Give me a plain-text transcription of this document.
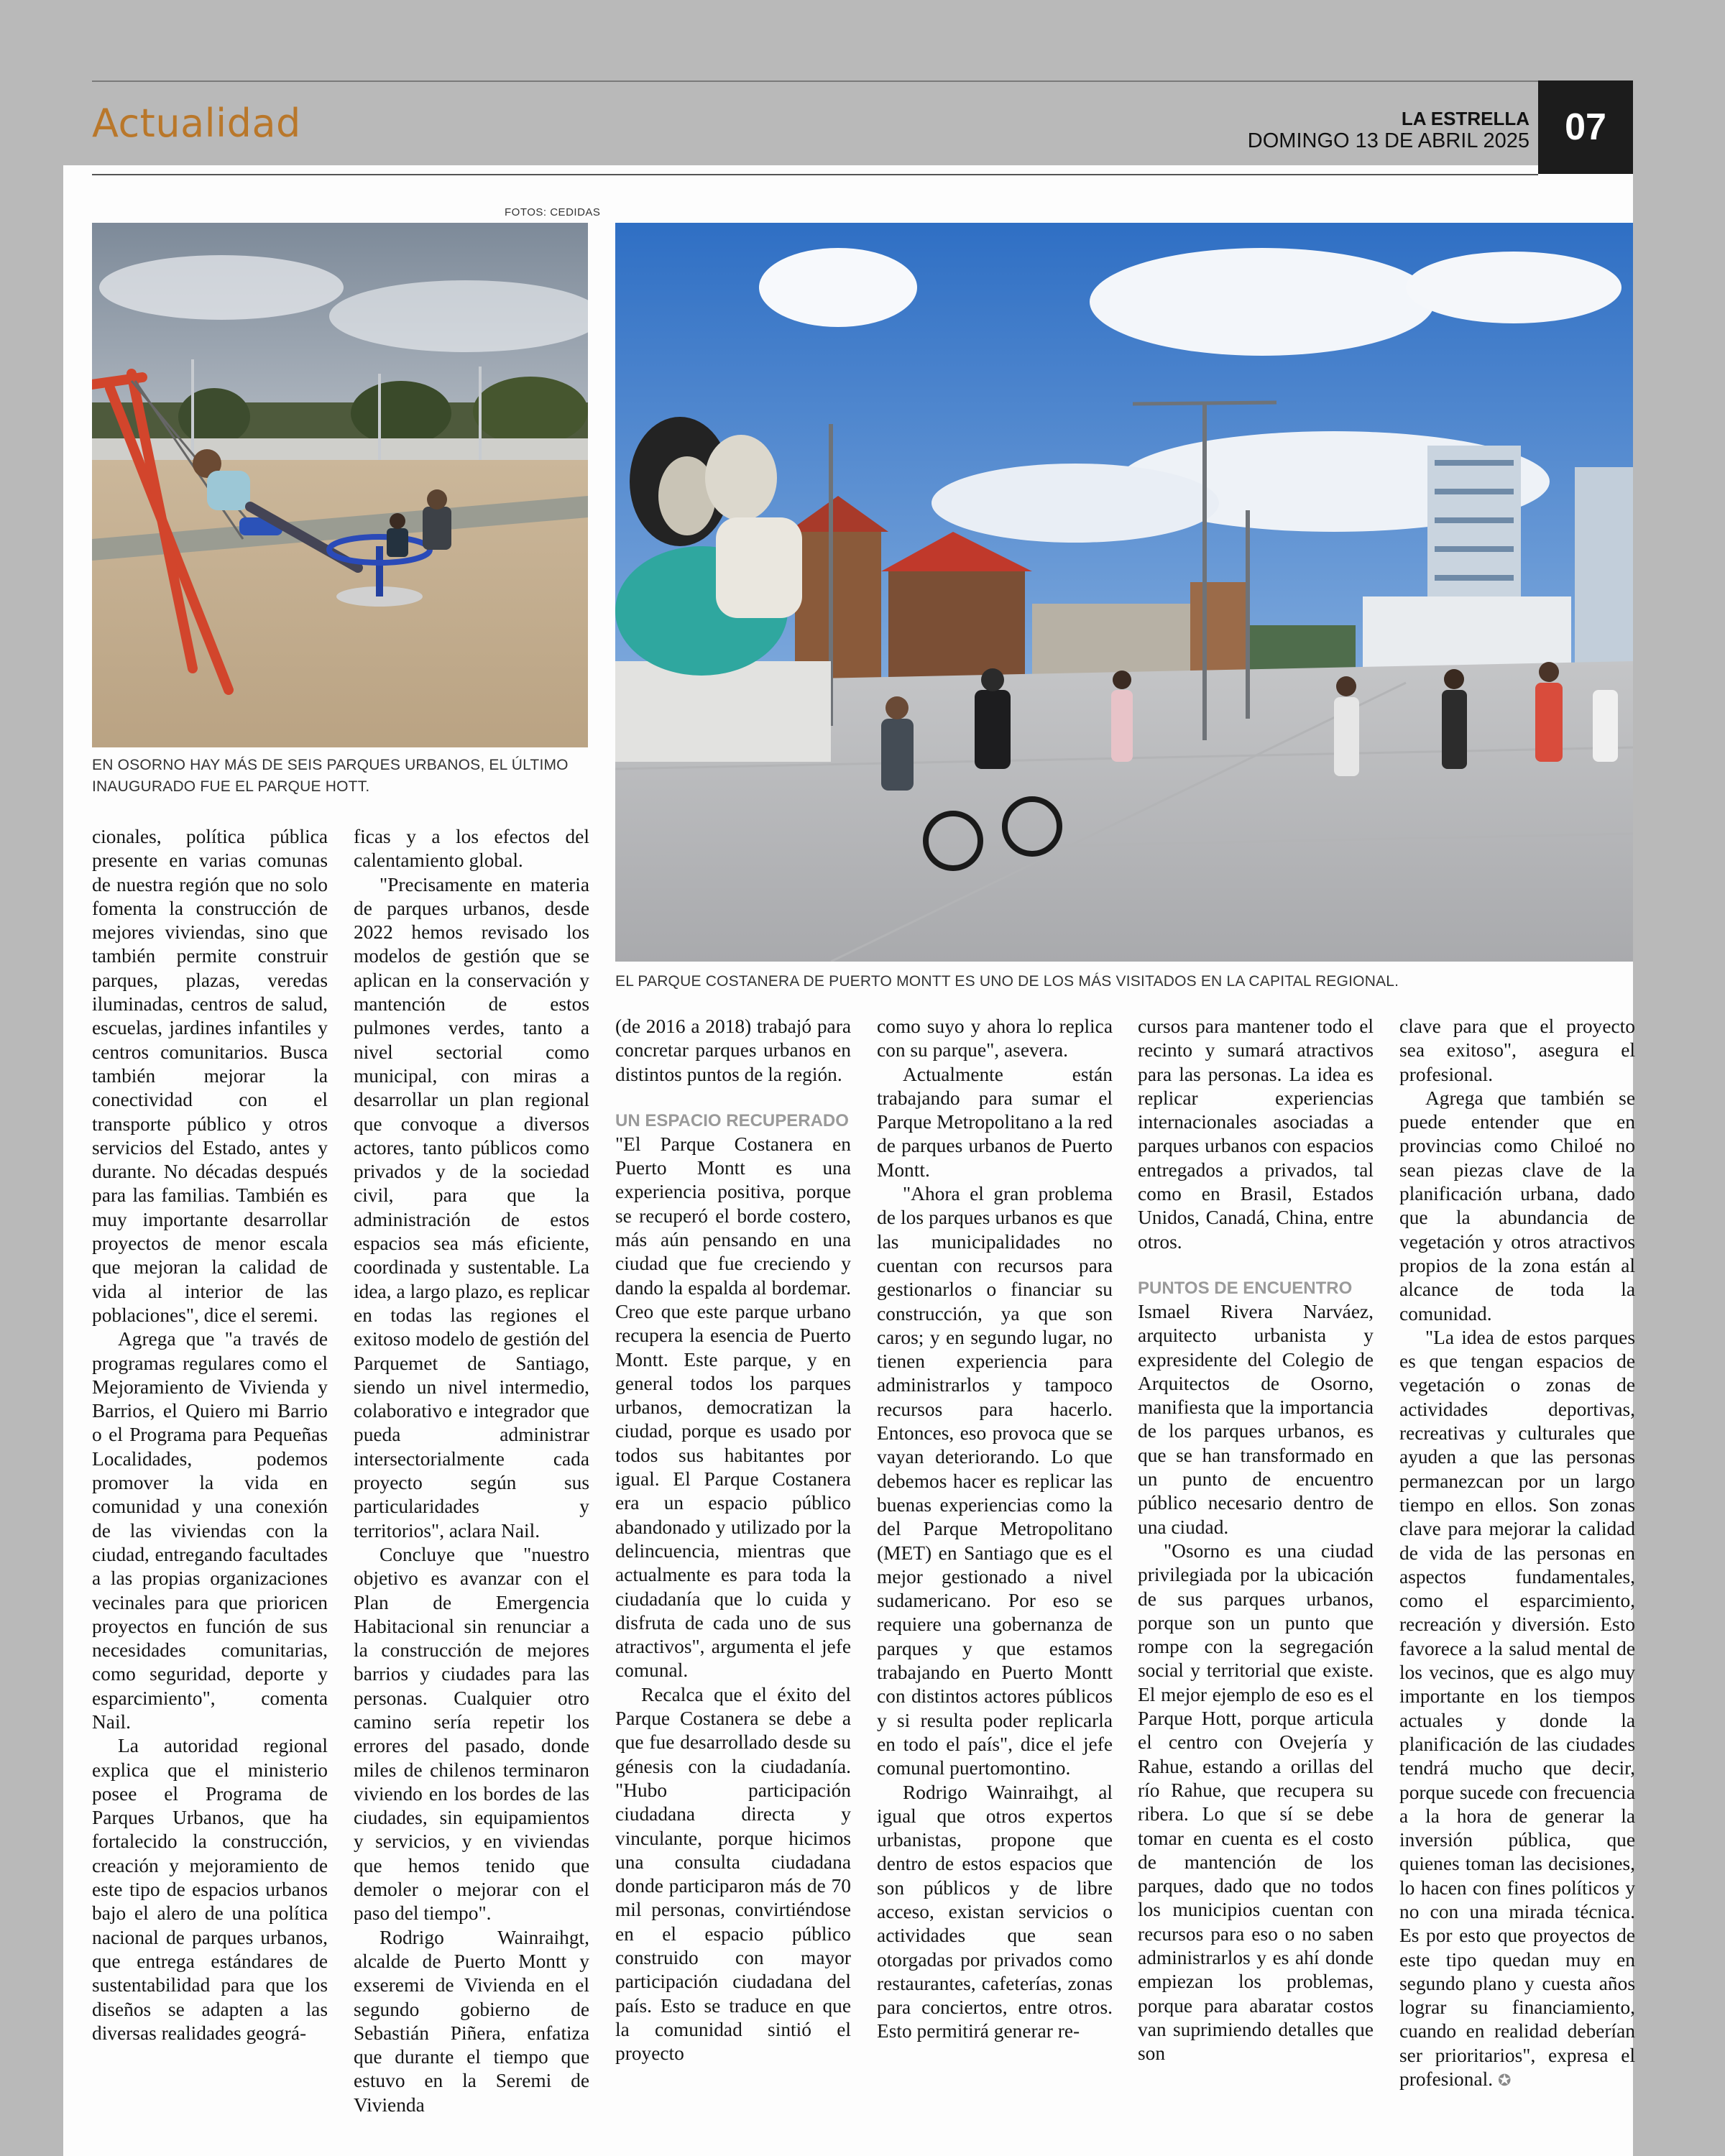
Actualidad	LA ESTRELLA
DOMINGO 13 DE ABRIL 2025 07
FOTOS: CEDIDAS
EN OSORNO HAY MÁS DE SEIS PARQUES URBANOS, EL ÚLTIMO INAUGURADO FUE EL PARQUE HOTT.
EL PARQUE COSTANERA DE PUERTO MONTT ES UNO DE LOS MÁS VISITADOS EN LA CAPITAL REGIONAL.

cionales, política pública presente en varias comunas de nuestra región que no solo fomenta la construcción de mejores viviendas, sino que también permite construir parques, plazas, veredas iluminadas, centros de salud, escuelas, jardines infantiles y centros comunitarios. Busca también mejorar la conectividad con el transporte público y otros servicios del Estado, antes y durante. No décadas después para las familias. También es muy importante desarrollar proyectos de menor escala que mejoran la calidad de vida al interior de las poblaciones", dice el seremi.

Agrega que "a través de programas regulares como el Mejoramiento de Vivienda y Barrios, el Quiero mi Barrio o el Programa para Pequeñas Localidades, podemos promover la vida en comunidad y una conexión de las viviendas con la ciudad, entregando facultades a las propias organizaciones vecinales para que prioricen proyectos en función de sus necesidades comunitarias, como seguridad, deporte y esparcimiento", comenta Nail.

La autoridad regional explica que el ministerio posee el Programa de Parques Urbanos, que ha fortalecido la construcción, creación y mejoramiento de este tipo de espacios urbanos bajo el alero de una política nacional de parques urbanos, que entrega estándares de sustentabilidad para que los diseños se adapten a las diversas realidades geográ-

ficas y a los efectos del calentamiento global.

"Precisamente en materia de parques urbanos, desde 2022 hemos revisado los modelos de gestión que se aplican en la conservación y mantención de estos pulmones verdes, tanto a nivel sectorial como municipal, con miras a desarrollar un plan regional que convoque a diversos actores, tanto públicos como privados y de la sociedad civil, para que la administración de estos espacios sea más eficiente, coordinada y sustentable. La idea, a largo plazo, es replicar en todas las regiones el exitoso modelo de gestión del Parquemet de Santiago, siendo un nivel intermedio, colaborativo e integrador que pueda administrar intersectorialmente cada proyecto según sus particularidades y territorios", aclara Nail.

Concluye que "nuestro objetivo es avanzar con el Plan de Emergencia Habitacional sin renunciar a la construcción de mejores barrios y ciudades para las personas. Cualquier otro camino sería repetir los errores del pasado, donde miles de chilenos terminaron viviendo en los bordes de las ciudades, sin equipamientos y servicios, y en viviendas que hemos tenido que demoler o mejorar con el paso del tiempo".

Rodrigo Wainraihgt, alcalde de Puerto Montt y exseremi de Vivienda en el segundo gobierno de Sebastián Piñera, enfatiza que durante el tiempo que estuvo en la Seremi de Vivienda

(de 2016 a 2018) trabajó para concretar parques urbanos en distintos puntos de la región.

UN ESPACIO RECUPERADO

"El Parque Costanera en Puerto Montt es una experiencia positiva, porque se recuperó el borde costero, más aún pensando en una ciudad que fue creciendo y dando la espalda al bordemar. Creo que este parque urbano recupera la esencia de Puerto Montt. Este parque, y en general todos los parques urbanos, democratizan la ciudad, porque es usado por todos sus habitantes por igual. El Parque Costanera era un espacio público abandonado y utilizado por la delincuencia, mientras que actualmente es para toda la ciudadanía que lo cuida y disfruta de cada uno de sus atractivos", argumenta el jefe comunal.

Recalca que el éxito del Parque Costanera se debe a que fue desarrollado desde su génesis con la ciudadanía. "Hubo participación ciudadana directa y vinculante, porque hicimos una consulta ciudadana donde participaron más de 70 mil personas, convirtiéndose en el espacio público construido con mayor participación ciudadana del país. Esto se traduce en que la comunidad sintió el proyecto

como suyo y ahora lo replica con su parque", asevera.

Actualmente están trabajando para sumar el Parque Metropolitano a la red de parques urbanos de Puerto Montt.

"Ahora el gran problema de los parques urbanos es que las municipalidades no cuentan con recursos para gestionarlos o financiar su construcción, ya que son caros; y en segundo lugar, no tienen experiencia para administrarlos y tampoco recursos para hacerlo. Entonces, eso provoca que se vayan deteriorando. Lo que debemos hacer es replicar las buenas experiencias como la del Parque Metropolitano (MET) en Santiago que es el mejor gestionado a nivel sudamericano. Por eso se requiere una gobernanza de parques y que estamos trabajando en Puerto Montt con distintos actores públicos y si resulta poder replicarla en todo el país", dice el jefe comunal puertomontino.

Rodrigo Wainraihgt, al igual que otros expertos urbanistas, propone que dentro de estos espacios que son públicos y de libre acceso, existan servicios o actividades que sean otorgadas por privados como restaurantes, cafeterías, zonas para conciertos, entre otros. Esto permitirá generar re-

cursos para mantener todo el recinto y sumará atractivos para las personas. La idea es replicar experiencias internacionales asociadas a parques urbanos con espacios entregados a privados, tal como en Brasil, Estados Unidos, Canadá, China, entre otros.

PUNTOS DE ENCUENTRO

Ismael Rivera Narváez, arquitecto urbanista y expresidente del Colegio de Arquitectos de Osorno, manifiesta que la importancia de los parques urbanos, es que se han transformado en un punto de encuentro público necesario dentro de una ciudad.

"Osorno es una ciudad privilegiada por la ubicación de sus parques urbanos, porque son un punto que rompe con la segregación social y territorial que existe. El mejor ejemplo de eso es el Parque Hott, porque articula el centro con Ovejería y Rahue, estando a orillas del río Rahue, que recupera su ribera. Lo que sí se debe tomar en cuenta es el costo de mantención de los parques, dado que no todos los municipios cuentan con recursos para eso o no saben administrarlos y es ahí donde empiezan los problemas, porque para abaratar costos van suprimiendo detalles que son

clave para que el proyecto sea exitoso", asegura el profesional.

Agrega que también se puede entender que en provincias como Chiloé no sean piezas clave de la planificación urbana, dado que la abundancia de vegetación y otros atractivos propios de la zona están al alcance de toda la comunidad.

"La idea de estos parques es que tengan espacios de vegetación o zonas de actividades deportivas, recreativas y culturales que ayuden a que las personas permanezcan por un largo tiempo en ellos. Son zonas clave para mejorar la calidad de vida de las personas en aspectos fundamentales, como el esparcimiento, recreación y diversión. Esto favorece a la salud mental de los vecinos, que es algo muy importante en los tiempos actuales y donde la planificación de las ciudades tendrá mucho que decir, porque sucede con frecuencia a la hora de generar la inversión pública, que quienes toman las decisiones, lo hacen con fines políticos y no con una mirada técnica. Es por esto que proyectos de este tipo quedan muy en segundo plano y cuesta años lograr su financiamiento, cuando en realidad deberían ser prioritarios", expresa el profesional. ✪
